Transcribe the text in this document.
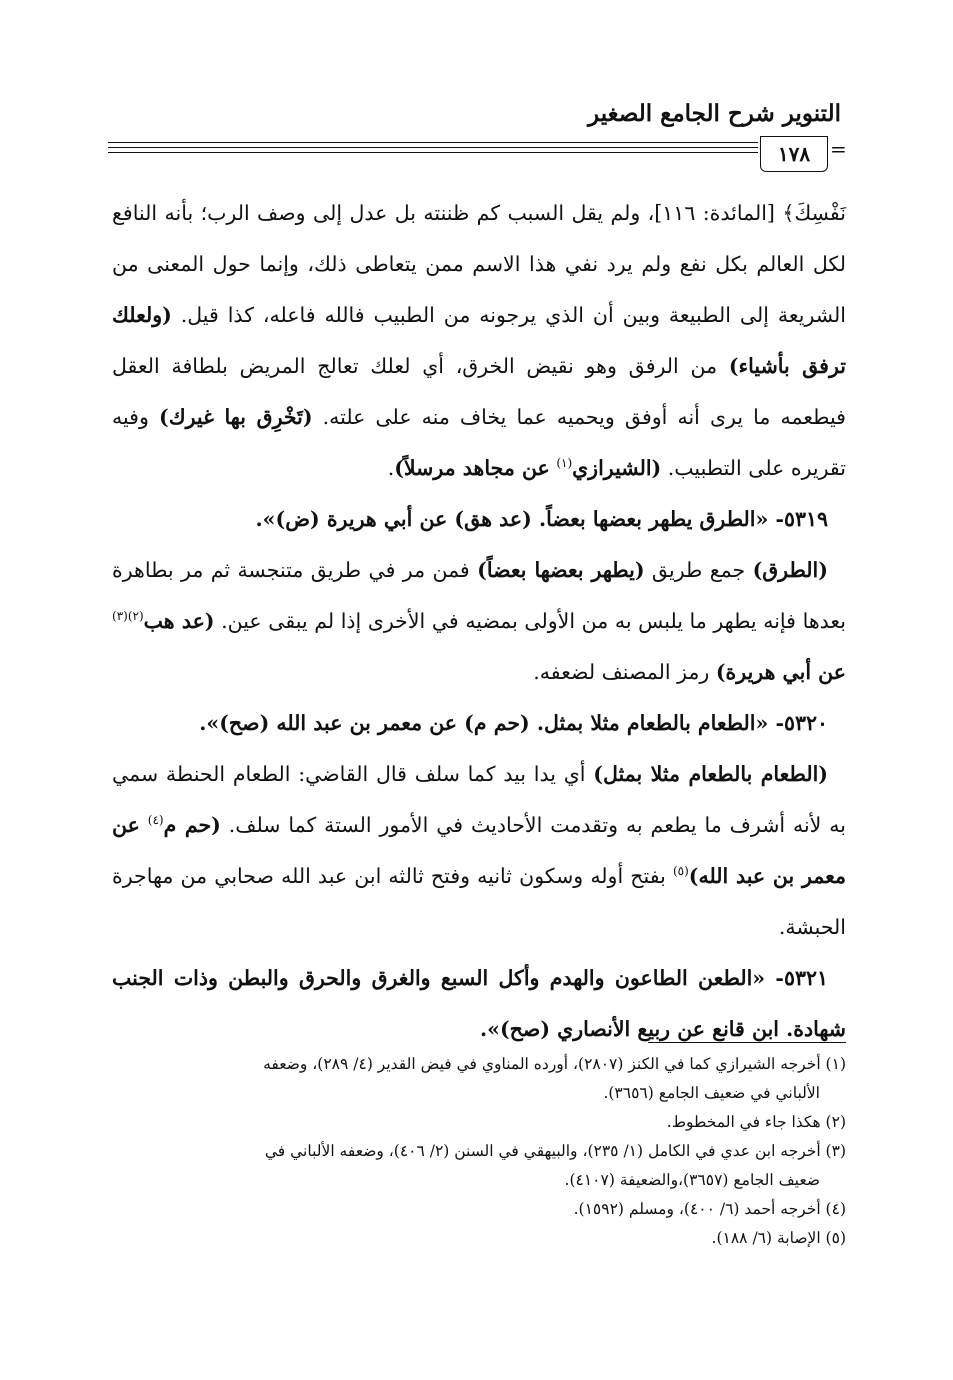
التنوير شرح الجامع الصغير
١٧٨ =

نَفْسِكَ﴾ [المائدة: ١١٦]، ولم يقل السبب كم ظننته بل عدل إلى وصف الرب؛ بأنه النافع لكل العالم بكل نفع ولم يرد نفي هذا الاسم ممن يتعاطى ذلك، وإنما حول المعنى من الشريعة إلى الطبيعة وبين أن الذي يرجونه من الطبيب فالله فاعله، كذا قيل. (ولعلك ترفق بأشياء) من الرفق وهو نقيض الخرق، أي لعلك تعالج المريض بلطافة العقل فيطعمه ما يرى أنه أوفق ويحميه عما يخاف منه على علته. (تَخْرِق بها غيرك) وفيه تقريره على التطبيب. (الشيرازي$^{(١)}$ عن مجاهد مرسلاً).

٥٣١٩- «الطرق يطهر بعضها بعضاً. (عد هق) عن أبي هريرة (ض)».

(الطرق) جمع طريق (يطهر بعضها بعضاً) فمن مر في طريق متنجسة ثم مر بطاهرة بعدها فإنه يطهر ما يلبس به من الأولى بمضيه في الأخرى إذا لم يبقى عين. (عد هب$^{(٢)(٣)}$ عن أبي هريرة) رمز المصنف لضعفه.

٥٣٢٠- «الطعام بالطعام مثلا بمثل. (حم م) عن معمر بن عبد الله (صح)».

(الطعام بالطعام مثلا بمثل) أي يدا بيد كما سلف قال القاضي: الطعام الحنطة سمي به لأنه أشرف ما يطعم به وتقدمت الأحاديث في الأمور الستة كما سلف. (حم م$^{(٤)}$ عن معمر بن عبد الله)$^{(٥)}$ بفتح أوله وسكون ثانيه وفتح ثالثه ابن عبد الله صحابي من مهاجرة الحبشة.

٥٣٢١- «الطعن الطاعون والهدم وأكل السبع والغرق والحرق والبطن وذات الجنب شهادة. ابن قانع عن ربيع الأنصاري (صح)».

(١) أخرجه الشيرازي كما في الكنز (٢٨٠٧)، أورده المناوي في فيض القدير (٤/ ٢٨٩)، وضعفه

الألباني في ضعيف الجامع (٣٦٥٦).

(٢) هكذا جاء في المخطوط.

(٣) أخرجه ابن عدي في الكامل (١/ ٢٣٥)، والبيهقي في السنن (٢/ ٤٠٦)، وضعفه الألباني في

ضعيف الجامع (٣٦٥٧)،والضعيفة (٤١٠٧).

(٤) أخرجه أحمد (٦/ ٤٠٠)، ومسلم (١٥٩٢).

(٥) الإصابة (٦/ ١٨٨).
